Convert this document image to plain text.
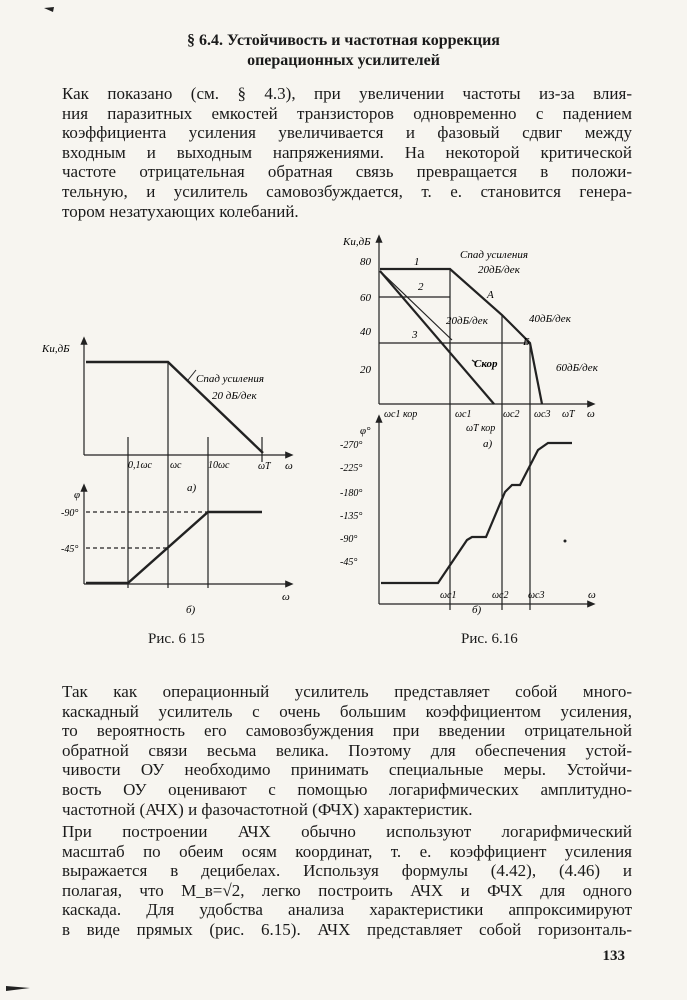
§ 6.4. Устойчивость и частотная коррекция
операционных усилителей
Как показано (см. § 4.3), при увеличении частоты из-за влия-
ния паразитных емкостей транзисторов одновременно с падением
коэффициента усиления увеличивается и фазовый сдвиг между
входным и выходным напряжениями. На некоторой критической
частоте отрицательная обратная связь превращается в положи-
тельную, и усилитель самовозбуждается, т. е. становится генера-
тором незатухающих колебаний.
Ku,дБ
Спад усиления
20 дБ/дек
0,1ωc ωc	10ωc	ωT ω
а)
φ
-90°
-45°
б)
ω
Ku,дБ
80
60
40
20
1
2
3
A
Б
Cкор
Спад усиления
20дБ/дек
20дБ/дек	40дБ/дек
60дБ/дек
ωc1 кор	ωc1
ωT кор
ωc2 ωc3 ωT ω
а)
φ°
-270°
-225°
-180°
-135°
-90°
-45°
ωc1	ωc2 ωc3	ω
б)
Рис. 6 15	Рис. 6.16
Так как операционный усилитель представляет собой много-
каскадный усилитель с очень большим коэффициентом усиления,
то вероятность его самовозбуждения при введении отрицательной
обратной связи весьма велика. Поэтому для обеспечения устой-
чивости ОУ необходимо принимать специальные меры. Устойчи-
вость ОУ оценивают с помощью логарифмических амплитудно-
частотной (АЧХ) и фазочастотной (ФЧХ) характеристик.
При построении АЧХ обычно используют логарифмический
масштаб по обеим осям координат, т. е. коэффициент усиления
выражается в децибелах. Используя формулы (4.42), (4.46) и
полагая, что M_в=√2, легко построить АЧХ и ФЧХ для одного
каскада. Для удобства анализа характеристики аппроксимируют
в виде прямых (рис. 6.15). АЧХ представляет собой горизонталь-
133
